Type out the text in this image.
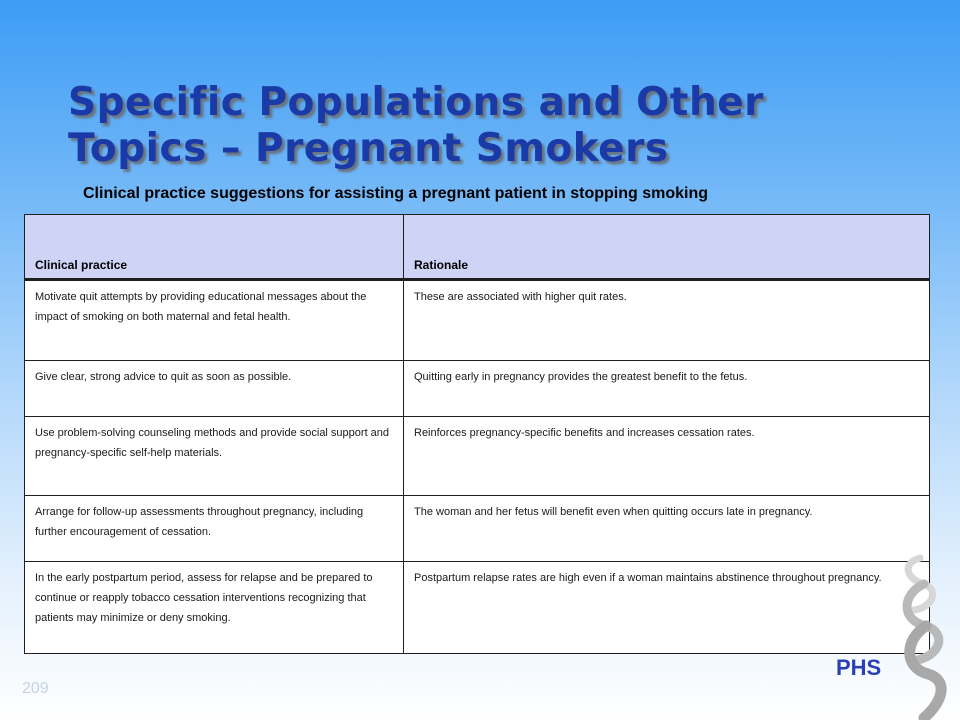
Specific Populations and Other Topics – Pregnant Smokers
Clinical practice suggestions for assisting a pregnant patient in stopping smoking
Clinical practice	Rationale
Motivate quit attempts by providing educational messages about the impact of smoking on both maternal and fetal health.	These are associated with higher quit rates.
Give clear, strong advice to quit as soon as possible.	Quitting early in pregnancy provides the greatest benefit to the fetus.
Use problem-solving counseling methods and provide social support and pregnancy-specific self-help materials.	Reinforces pregnancy-specific benefits and increases cessation rates.
Arrange for follow-up assessments throughout pregnancy, including further encouragement of cessation.	The woman and her fetus will benefit even when quitting occurs late in pregnancy.
In the early postpartum period, assess for relapse and be prepared to continue or reapply tobacco cessation interventions recognizing that patients may minimize or deny smoking.	Postpartum relapse rates are high even if a woman maintains abstinence throughout pregnancy.
209
PHS
